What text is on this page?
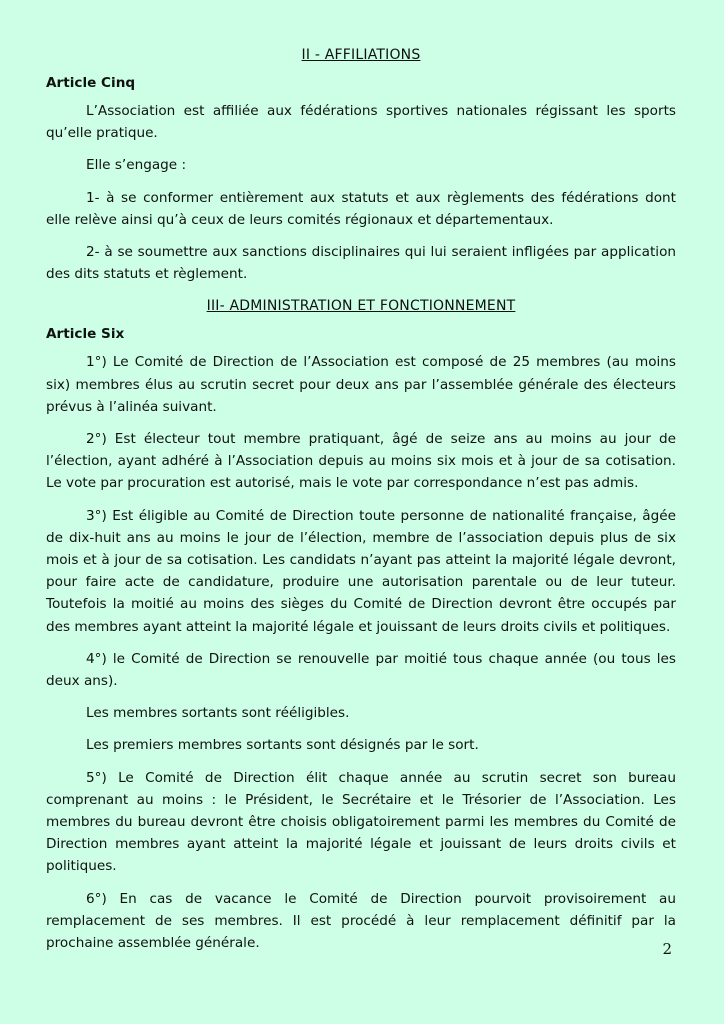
II - AFFILIATIONS
Article Cinq

L’Association est affiliée aux fédérations sportives nationales régissant les sports qu’elle pratique.

Elle s’engage :

1- à se conformer entièrement aux statuts et aux règlements des fédérations dont elle relève ainsi qu’à ceux de leurs comités régionaux et départementaux.

2- à se soumettre aux sanctions disciplinaires qui lui seraient infligées par application des dits statuts et règlement.

III- ADMINISTRATION ET FONCTIONNEMENT
Article Six

1°) Le Comité de Direction de l’Association est composé de 25 membres (au moins six) membres élus au scrutin secret pour deux ans par l’assemblée générale des électeurs prévus à l’alinéa suivant.

2°) Est électeur tout membre pratiquant, âgé de seize ans au moins au jour de l’élection, ayant adhéré à l’Association depuis au moins six mois et à jour de sa cotisation. Le vote par procuration est autorisé, mais le vote par correspondance n’est pas admis.

3°) Est éligible au Comité de Direction toute personne de nationalité française, âgée de dix-huit ans au moins le jour de l’élection, membre de l’association depuis plus de six mois et à jour de sa cotisation. Les candidats n’ayant pas atteint la majorité légale devront, pour faire acte de candidature, produire une autorisation parentale ou de leur tuteur. Toutefois la moitié au moins des sièges du Comité de Direction devront être occupés par des membres ayant atteint la majorité légale et jouissant de leurs droits civils et politiques.

4°) le Comité de Direction se renouvelle par moitié tous chaque année (ou tous les deux ans).

Les membres sortants sont rééligibles.

Les premiers membres sortants sont désignés par le sort.

5°) Le Comité de Direction élit chaque année au scrutin secret son bureau comprenant au moins : le Président, le Secrétaire et le Trésorier de l’Association. Les membres du bureau devront être choisis obligatoirement parmi les membres du Comité de Direction membres ayant atteint la majorité légale et jouissant de leurs droits civils et politiques.

6°) En cas de vacance le Comité de Direction pourvoit provisoirement au remplacement de ses membres. Il est procédé à leur remplacement définitif par la prochaine assemblée générale.	2
